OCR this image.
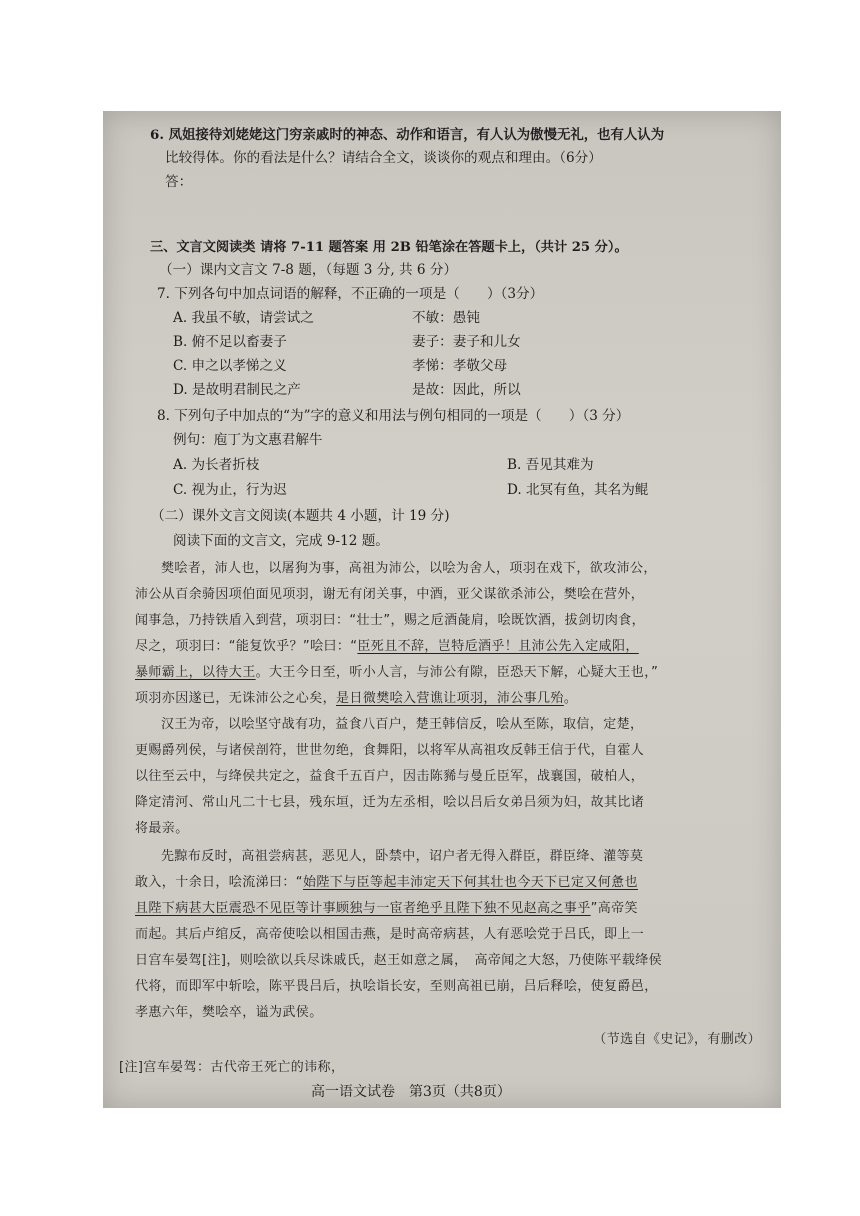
6. 凤姐接待刘姥姥这门穷亲戚时的神态、动作和语言，有人认为傲慢无礼，也有人认为
比较得体。你的看法是什么？请结合全文，谈谈你的观点和理由。（6分）
答：
三、文言文阅读类 请将 7-11 题答案 用 2B 铅笔涂在答题卡上，（共计 25 分）。
（一）课内文言文 7-8 题，（每题 3 分, 共 6 分）
7. 下列各句中加点词语的解释，不正确的一项是（　　）（3分）
A. 我虽不敏，请尝试之	不敏：愚钝
B. 俯不足以畜妻子	妻子：妻子和儿女
C. 申之以孝悌之义	孝悌：孝敬父母
D. 是故明君制民之产	是故：因此，所以
8. 下列句子中加点的“为”字的意义和用法与例句相同的一项是（　　）（3 分）
例句：庖丁为文惠君解牛
A. 为长者折枝	B. 吾见其难为
C. 视为止，行为迟	D. 北冥有鱼，其名为鲲
（二）课外文言文阅读(本题共 4 小题，计 19 分)
阅读下面的文言文，完成 9-12 题。
樊哙者，沛人也，以屠狗为事，高祖为沛公，以哙为舍人，项羽在戏下，欲攻沛公，
沛公从百余骑因项伯面见项羽，谢无有闭关事，中酒，亚父谋欲杀沛公，樊哙在营外，
闻事急，乃持铁盾入到营，项羽曰：“壮士”，赐之卮酒彘肩，哙既饮酒，拔剑切肉食，
尽之，项羽曰：“能复饮乎？”哙曰：“臣死且不辞，岂特卮酒乎！且沛公先入定咸阳，
暴师霸上，以待大王。大王今日至，听小人言，与沛公有隙，臣恐天下解，心疑大王也，”
项羽亦因遂已，无诛沛公之心矣，是日微樊哙入营谯让项羽，沛公事几殆。
汉王为帝，以哙坚守战有功，益食八百户，楚王韩信反，哙从至陈，取信，定楚，
更赐爵列侯，与诸侯剖符，世世勿绝，食舞阳，以将军从高祖攻反韩王信于代，自霍人
以往至云中，与绛侯共定之，益食千五百户，因击陈豨与曼丘臣军，战襄国，破柏人，
降定清河、常山凡二十七县，残东垣，迁为左丞相，哙以吕后女弟吕须为妇，故其比诸
将最亲。
先黥布反时，高祖尝病甚，恶见人，卧禁中，诏户者无得入群臣，群臣绛、灌等莫
敢入，十余日，哙流涕曰：“始陛下与臣等起丰沛定天下何其壮也今天下已定又何惫也
且陛下病甚大臣震恐不见臣等计事顾独与一宦者绝乎且陛下独不见赵高之事乎”高帝笑
而起。其后卢绾反，高帝使哙以相国击燕，是时高帝病甚，人有恶哙党于吕氏，即上一
日宫车晏驾[注]，则哙欲以兵尽诛戚氏，赵王如意之属，　高帝闻之大怒，乃使陈平载绛侯
代将，而即军中斩哙，陈平畏吕后，执哙诣长安，至则高祖已崩，吕后释哙，使复爵邑，
孝惠六年，樊哙卒，谥为武侯。
（节选自《史记》，有删改）
[注]宫车晏驾：古代帝王死亡的讳称，
高一语文试卷　第3页（共8页）
